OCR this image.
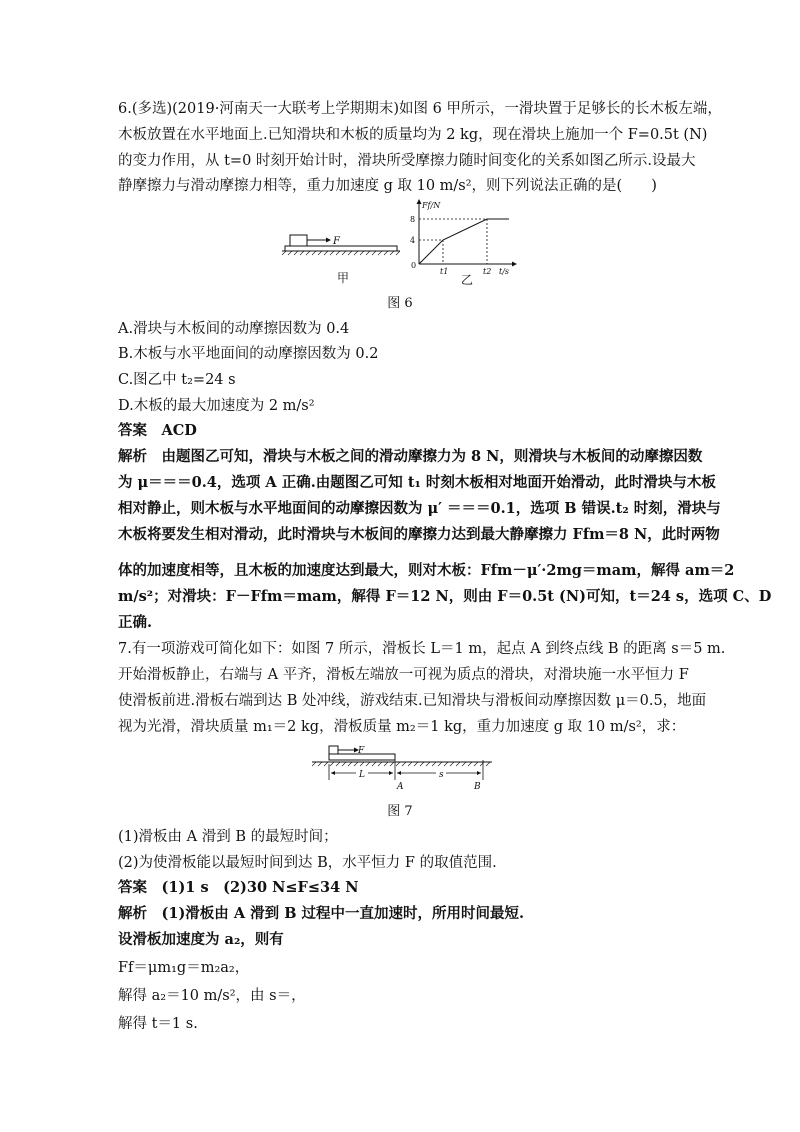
6.(多选)(2019·河南天一大联考上学期期末)如图 6 甲所示，一滑块置于足够长的长木板左端，
木板放置在水平地面上.已知滑块和木板的质量均为 2 kg，现在滑块上施加一个 F=0.5t (N)
的变力作用，从 t=0 时刻开始计时，滑块所受摩擦力随时间变化的关系如图乙所示.设最大
静摩擦力与滑动摩擦力相等，重力加速度 g 取 10 m/s²，则下列说法正确的是(　　)
F
甲
Ff/N
8
4
0
t1	t2 t/s
乙
图 6
A.滑块与木板间的动摩擦因数为 0.4
B.木板与水平地面间的动摩擦因数为 0.2
C.图乙中 t₂=24 s
D.木板的最大加速度为 2 m/s²
答案　ACD
解析　由题图乙可知，滑块与木板之间的滑动摩擦力为 8 N，则滑块与木板间的动摩擦因数
为 μ＝＝＝0.4，选项 A 正确.由题图乙可知 t₁ 时刻木板相对地面开始滑动，此时滑块与木板
相对静止，则木板与水平地面间的动摩擦因数为 μ′ ＝＝＝0.1，选项 B 错误.t₂ 时刻，滑块与
木板将要发生相对滑动，此时滑块与木板间的摩擦力达到最大静摩擦力 Ffm＝8 N，此时两物
体的加速度相等，且木板的加速度达到最大，则对木板：Ffm－μ′·2mg＝mam，解得 am＝2
m/s²；对滑块：F－Ffm＝mam，解得 F＝12 N，则由 F＝0.5t (N)可知，t＝24 s，选项 C、D
正确.
7.有一项游戏可简化如下：如图 7 所示，滑板长 L＝1 m，起点 A 到终点线 B 的距离 s＝5 m.
开始滑板静止，右端与 A 平齐，滑板左端放一可视为质点的滑块，对滑块施一水平恒力 F
使滑板前进.滑板右端到达 B 处冲线，游戏结束.已知滑块与滑板间动摩擦因数 μ＝0.5，地面
视为光滑，滑块质量 m₁＝2 kg，滑板质量 m₂＝1 kg，重力加速度 g 取 10 m/s²，求：
F
L	s
A	B
图 7
(1)滑板由 A 滑到 B 的最短时间；
(2)为使滑板能以最短时间到达 B，水平恒力 F 的取值范围.
答案　(1)1 s　(2)30 N≤F≤34 N
解析　(1)滑板由 A 滑到 B 过程中一直加速时，所用时间最短.
设滑板加速度为 a₂，则有
Ff＝μm₁g＝m₂a₂，
解得 a₂＝10 m/s²，由 s＝，
解得 t＝1 s.
